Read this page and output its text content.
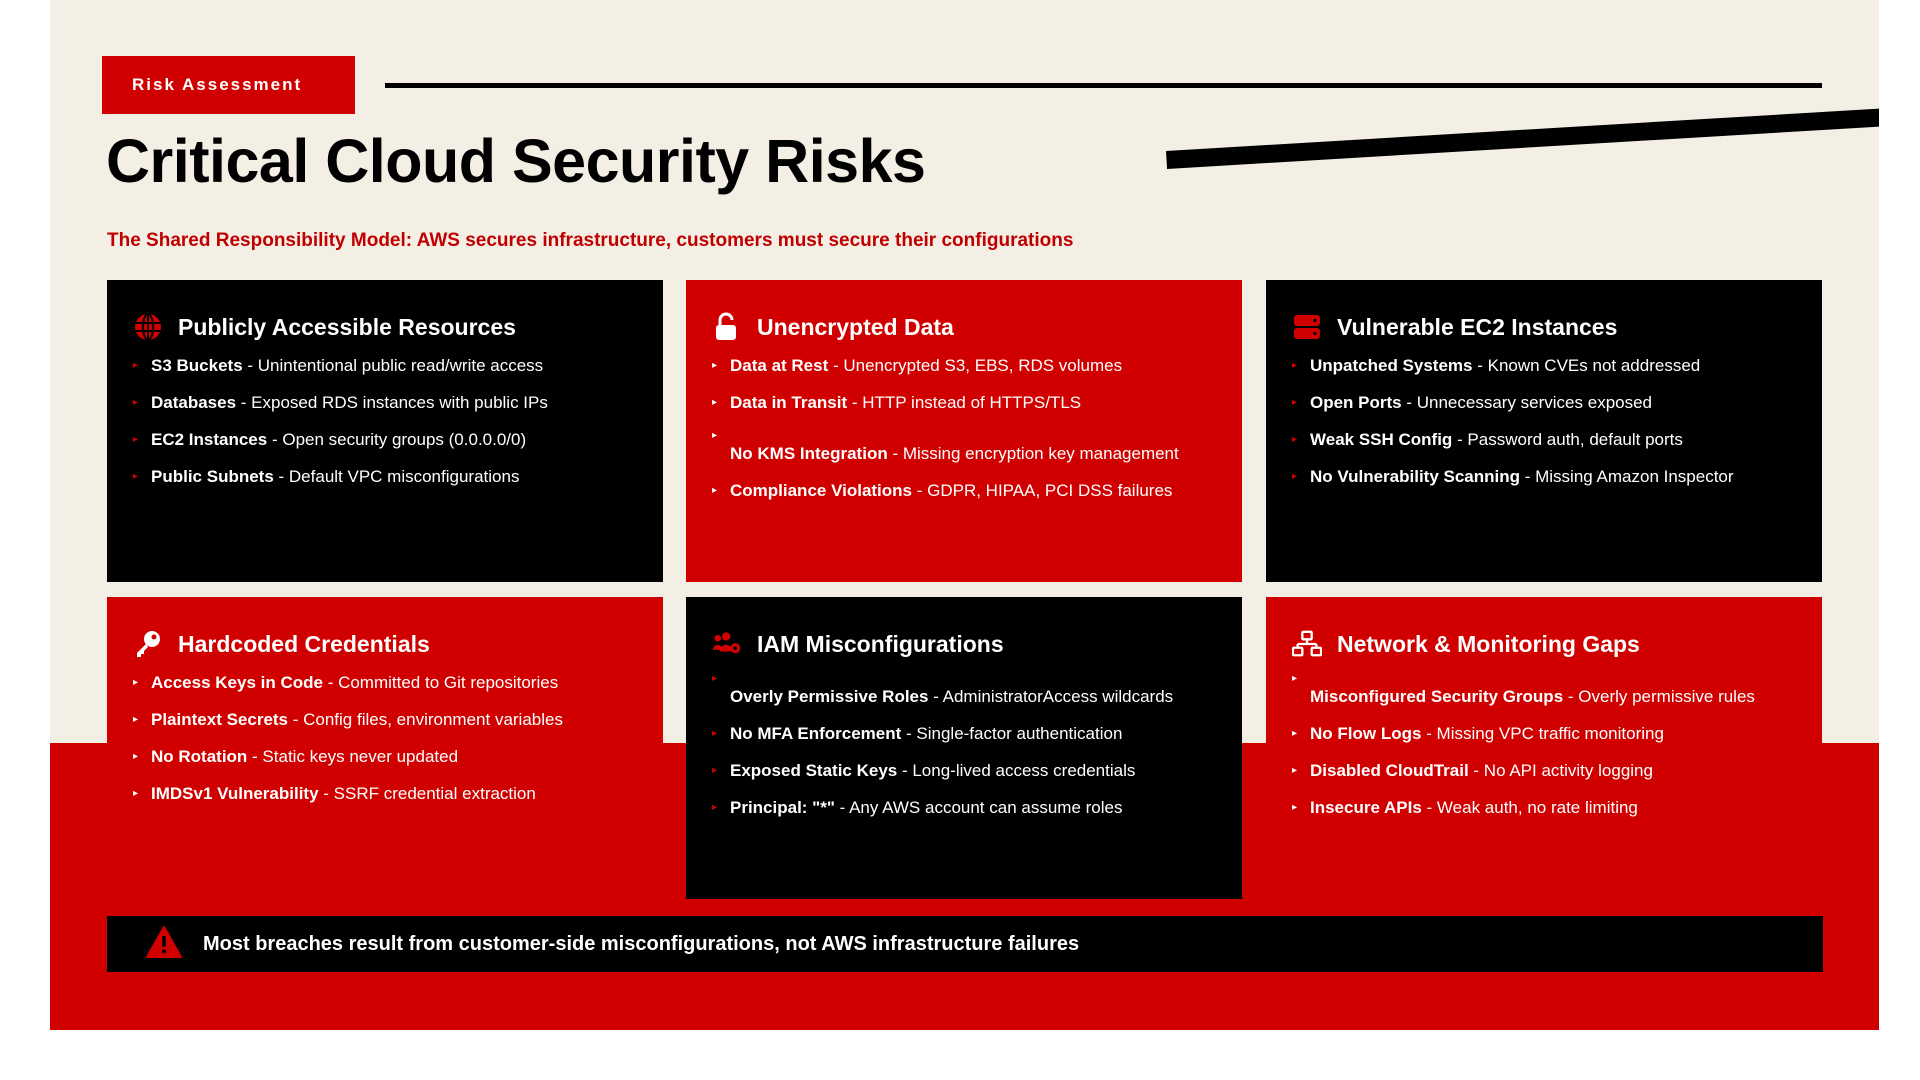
Risk Assessment
Critical Cloud Security Risks

The Shared Responsibility Model: AWS secures infrastructure, customers must secure their configurations

Publicly Accessible Resources
▸ S3 Buckets - Unintentional public read/write access
▸ Databases - Exposed RDS instances with public IPs
▸ EC2 Instances - Open security groups (0.0.0.0/0)
▸ Public Subnets - Default VPC misconfigurations
Unencrypted Data
▸ Data at Rest - Unencrypted S3, EBS, RDS volumes
▸ Data in Transit - HTTP instead of HTTPS/TLS
▸ No KMS Integration - Missing encryption key management
▸ Compliance Violations - GDPR, HIPAA, PCI DSS failures
Vulnerable EC2 Instances
▸ Unpatched Systems - Known CVEs not addressed
▸ Open Ports - Unnecessary services exposed
▸ Weak SSH Config - Password auth, default ports
▸ No Vulnerability Scanning - Missing Amazon Inspector
Hardcoded Credentials
▸ Access Keys in Code - Committed to Git repositories
▸ Plaintext Secrets - Config files, environment variables
▸ No Rotation - Static keys never updated
▸ IMDSv1 Vulnerability - SSRF credential extraction
IAM Misconfigurations
▸ Overly Permissive Roles - AdministratorAccess wildcards
▸ No MFA Enforcement - Single-factor authentication
▸ Exposed Static Keys - Long-lived access credentials
▸ Principal: "*" - Any AWS account can assume roles
Network & Monitoring Gaps
▸ Misconfigured Security Groups - Overly permissive rules
▸ No Flow Logs - Missing VPC traffic monitoring
▸ Disabled CloudTrail - No API activity logging
▸ Insecure APIs - Weak auth, no rate limiting
Most breaches result from customer-side misconfigurations, not AWS infrastructure failures
